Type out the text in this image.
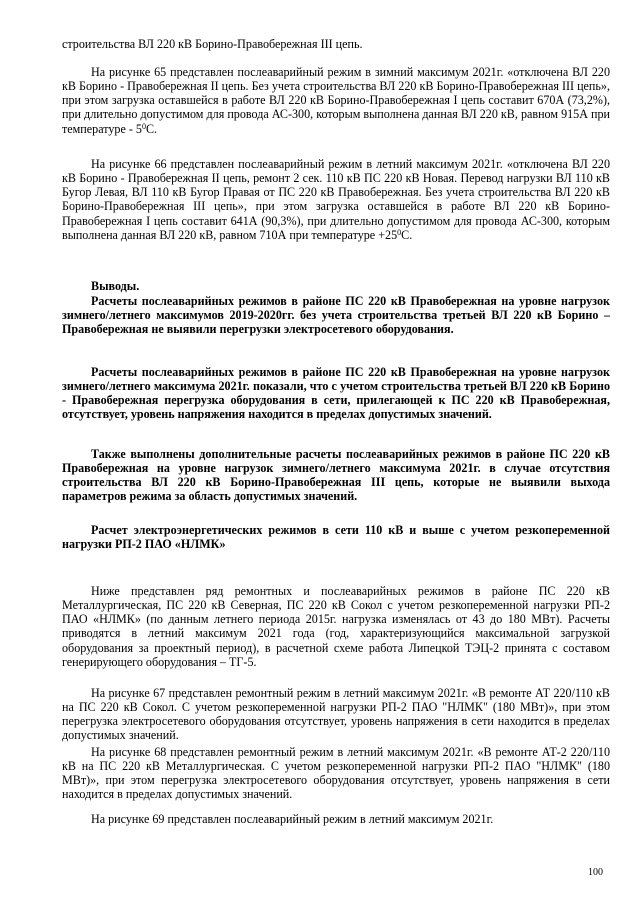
строительства ВЛ 220 кВ Борино-Правобережная III цепь.

На рисунке 65 представлен послеаварийный режим в зимний максимум 2021г. «отключена ВЛ 220 кВ Борино - Правобережная II цепь. Без учета строительства ВЛ 220 кВ Борино-Правобережная III цепь», при этом загрузка оставшейся в работе ВЛ 220 кВ Борино-Правобережная I цепь составит 670А (73,2%), при длительно допустимом для провода АС-300, которым выполнена данная ВЛ 220 кВ, равном 915А при температуре - $5^0С$.

На рисунке 66 представлен послеаварийный режим в летний максимум 2021г. «отключена ВЛ 220 кВ Борино - Правобережная II цепь, ремонт 2 сек. 110 кВ ПС 220 кВ Новая. Перевод нагрузки ВЛ 110 кВ Бугор Левая, ВЛ 110 кВ Бугор Правая от ПС 220 кВ Правобережная. Без учета строительства ВЛ 220 кВ Борино-Правобережная III цепь», при этом загрузка оставшейся в работе ВЛ 220 кВ Борино-Правобережная I цепь составит 641А (90,3%), при длительно допустимом для провода АС-300, которым выполнена данная ВЛ 220 кВ, равном 710А при температуре $+25^0С$.

Выводы.

Расчеты послеаварийных режимов в районе ПС 220 кВ Правобережная на уровне нагрузок зимнего/летнего максимумов 2019-2020гг. без учета строительства третьей ВЛ 220 кВ Борино – Правобережная не выявили перегрузки электросетевого оборудования.

Расчеты послеаварийных режимов в районе ПС 220 кВ Правобережная на уровне нагрузок зимнего/летнего максимума 2021г. показали, что с учетом строительства третьей ВЛ 220 кВ Борино - Правобережная перегрузка оборудования в сети, прилегающей к ПС 220 кВ Правобережная, отсутствует, уровень напряжения находится в пределах допустимых значений.

Также выполнены дополнительные расчеты послеаварийных режимов в районе ПС 220 кВ Правобережная на уровне нагрузок зимнего/летнего максимума 2021г. в случае отсутствия строительства ВЛ 220 кВ Борино-Правобережная III цепь, которые не выявили выхода параметров режима за область допустимых значений.

Расчет электроэнергетических режимов в сети 110 кВ и выше с учетом резкопеременной нагрузки РП-2 ПАО «НЛМК»

Ниже представлен ряд ремонтных и послеаварийных режимов в районе ПС 220 кВ Металлургическая, ПС 220 кВ Северная, ПС 220 кВ Сокол с учетом резкопеременной нагрузки РП-2 ПАО «НЛМК» (по данным летнего периода 2015г. нагрузка изменялась от 43 до 180 МВт). Расчеты приводятся в летний максимум 2021 года (год, характеризующийся максимальной загрузкой оборудования за проектный период), в расчетной схеме работа Липецкой ТЭЦ-2 принята с составом генерирующего оборудования – ТГ-5.

На рисунке 67 представлен ремонтный режим в летний максимум 2021г. «В ремонте АТ 220/110 кВ на ПС 220 кВ Сокол. С учетом резкопеременной нагрузки РП-2 ПАО "НЛМК" (180 МВт)», при этом перегрузка электросетевого оборудования отсутствует, уровень напряжения в сети находится в пределах допустимых значений.

На рисунке 68 представлен ремонтный режим в летний максимум 2021г. «В ремонте АТ-2 220/110 кВ на ПС 220 кВ Металлургическая. С учетом резкопеременной нагрузки РП-2 ПАО "НЛМК" (180 МВт)», при этом перегрузка электросетевого оборудования отсутствует, уровень напряжения в сети находится в пределах допустимых значений.

На рисунке 69 представлен послеаварийный режим в летний максимум 2021г.

100
